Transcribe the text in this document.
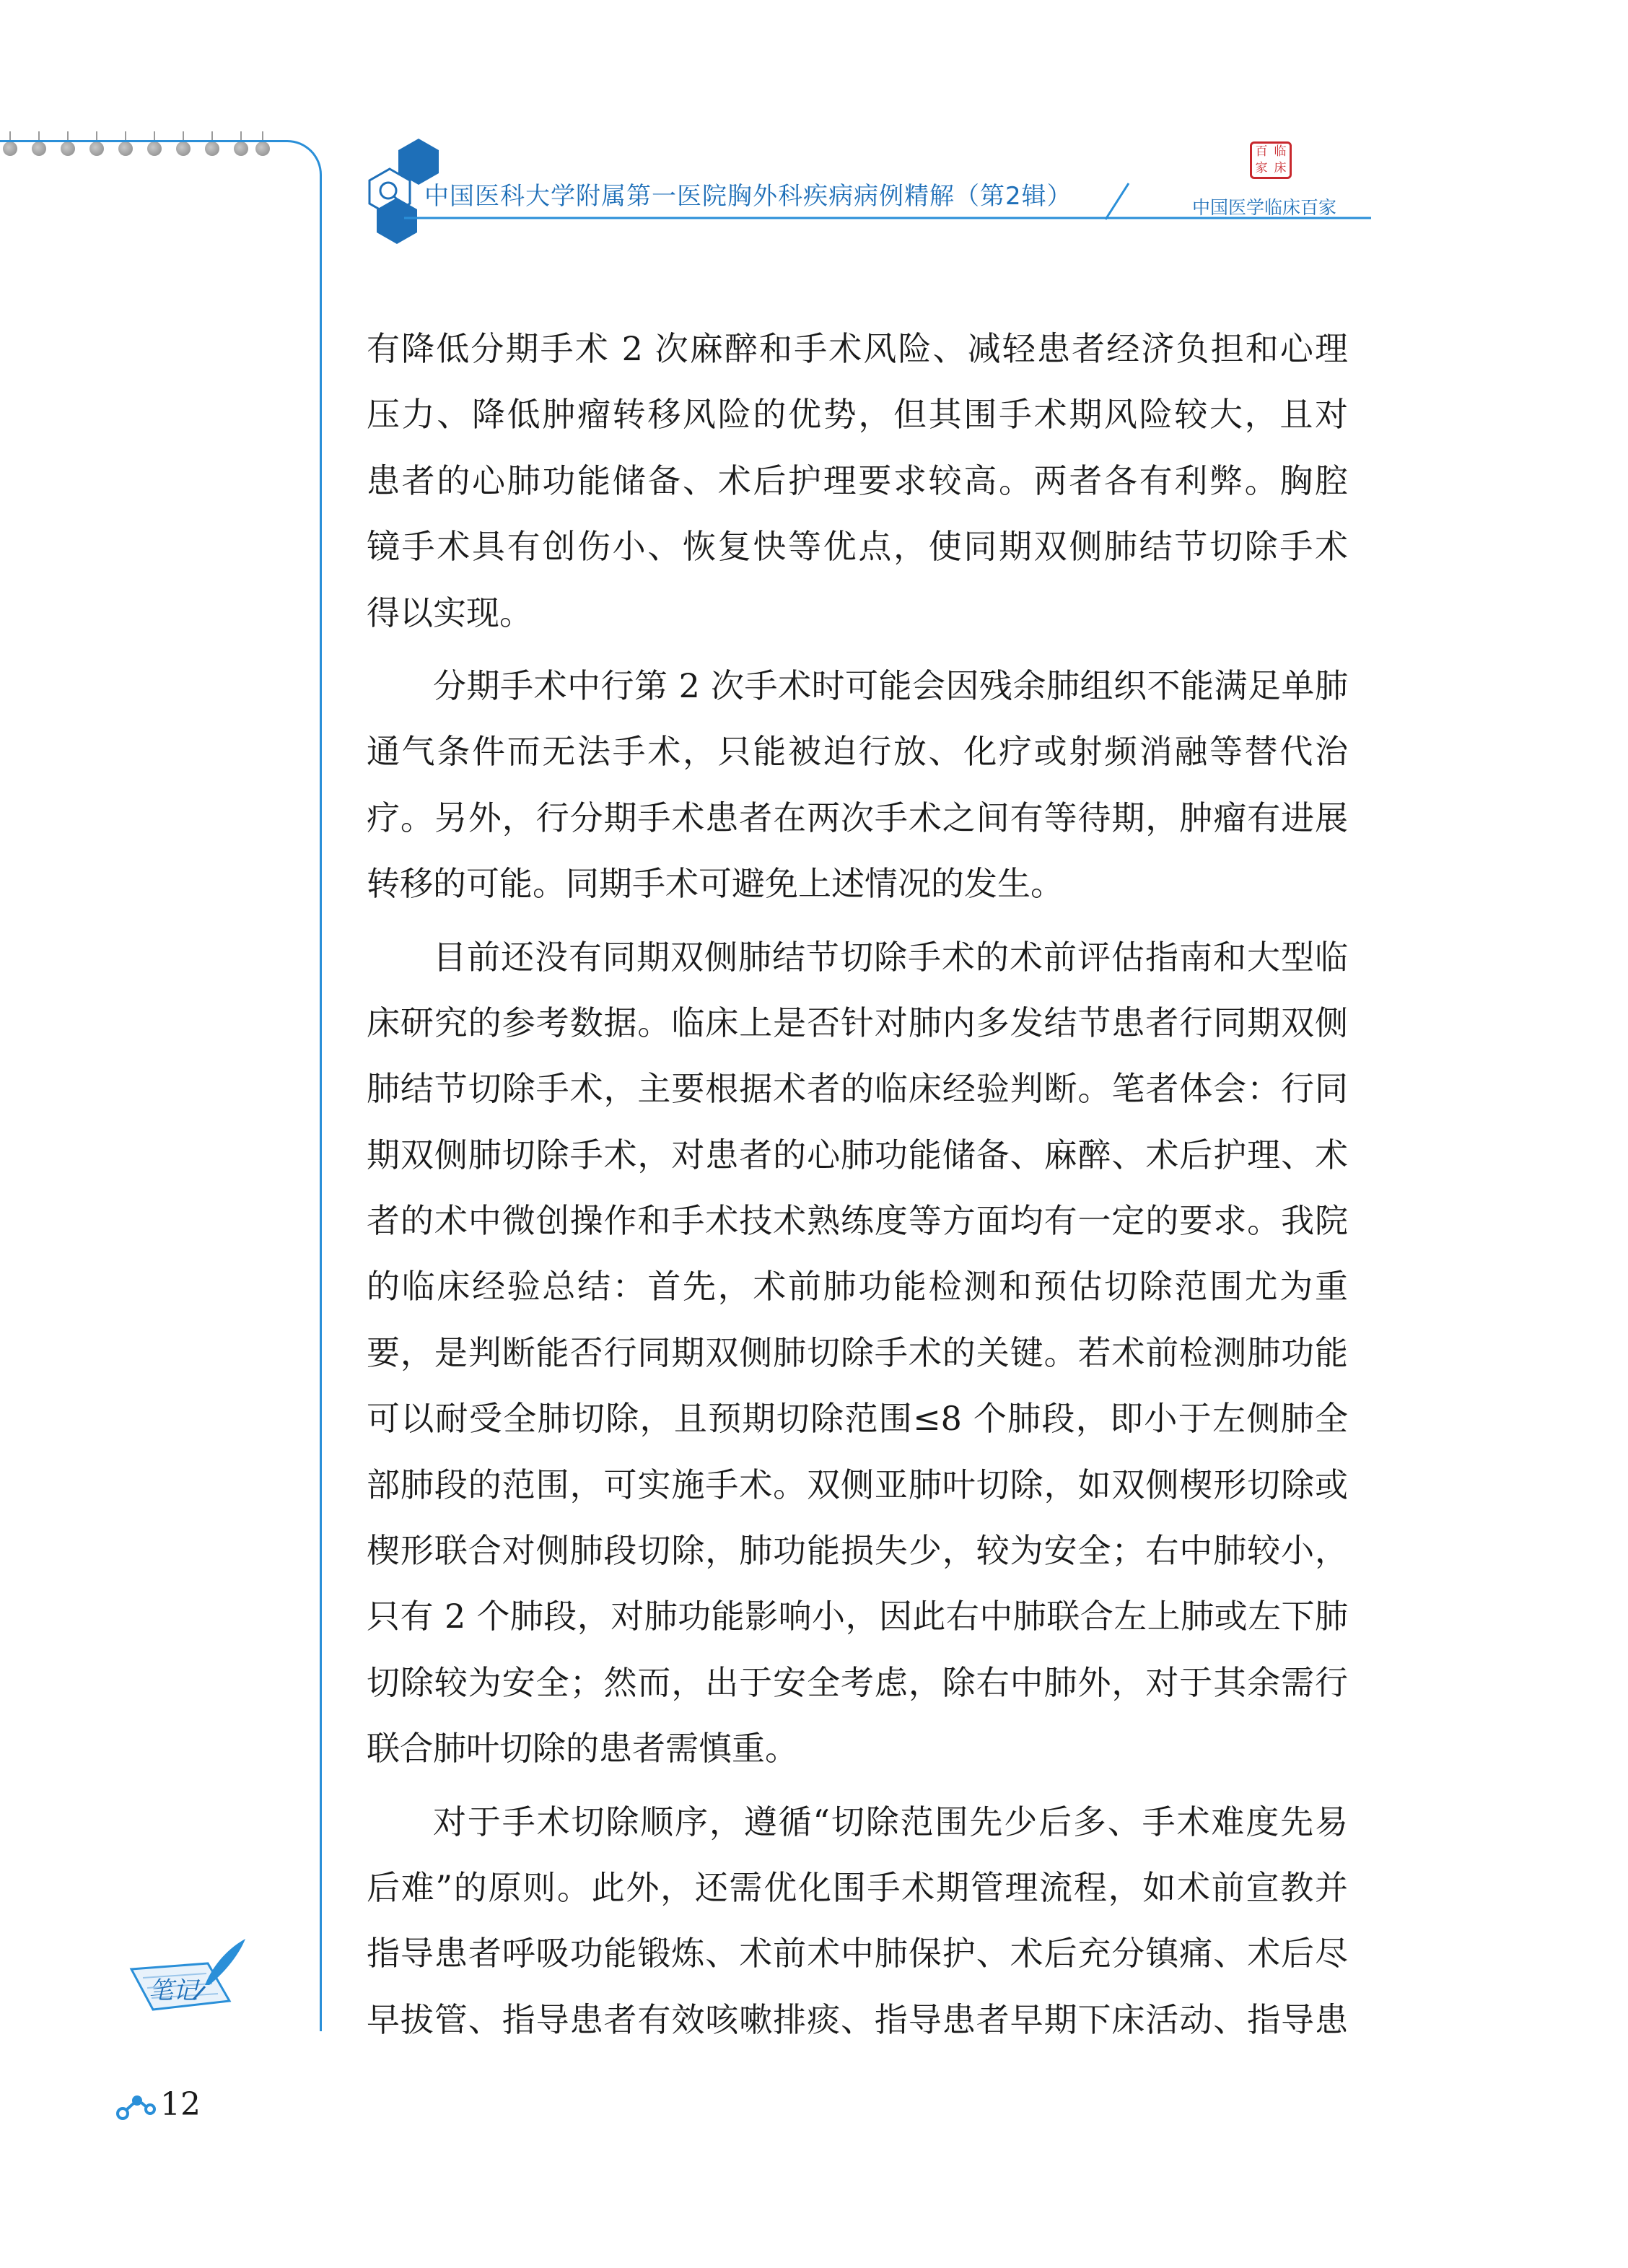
中国医科大学附属第一医院胸外科疾病病例精解（第2辑）
百 临
家 床
中国医学临床百家
有降低分期手术 2 次麻醉和手术风险、减轻患者经济负担和心理
压力、降低肿瘤转移风险的优势，但其围手术期风险较大，且对
患者的心肺功能储备、术后护理要求较高。两者各有利弊。胸腔
镜手术具有创伤小、恢复快等优点，使同期双侧肺结节切除手术
得以实现。
分期手术中行第 2 次手术时可能会因残余肺组织不能满足单肺
通气条件而无法手术，只能被迫行放、化疗或射频消融等替代治
疗。另外，行分期手术患者在两次手术之间有等待期，肿瘤有进展
转移的可能。同期手术可避免上述情况的发生。
目前还没有同期双侧肺结节切除手术的术前评估指南和大型临
床研究的参考数据。临床上是否针对肺内多发结节患者行同期双侧
肺结节切除手术，主要根据术者的临床经验判断。笔者体会：行同
期双侧肺切除手术，对患者的心肺功能储备、麻醉、术后护理、术
者的术中微创操作和手术技术熟练度等方面均有一定的要求。我院
的临床经验总结：首先，术前肺功能检测和预估切除范围尤为重
要，是判断能否行同期双侧肺切除手术的关键。若术前检测肺功能
可以耐受全肺切除，且预期切除范围≤8 个肺段，即小于左侧肺全
部肺段的范围，可实施手术。双侧亚肺叶切除，如双侧楔形切除或
楔形联合对侧肺段切除，肺功能损失少，较为安全；右中肺较小，
只有 2 个肺段，对肺功能影响小，因此右中肺联合左上肺或左下肺
切除较为安全；然而，出于安全考虑，除右中肺外，对于其余需行
联合肺叶切除的患者需慎重。
对于手术切除顺序，遵循“切除范围先少后多、手术难度先易
后难”的原则。此外，还需优化围手术期管理流程，如术前宣教并
指导患者呼吸功能锻炼、术前术中肺保护、术后充分镇痛、术后尽
早拔管、指导患者有效咳嗽排痰、指导患者早期下床活动、指导患
笔记
12
